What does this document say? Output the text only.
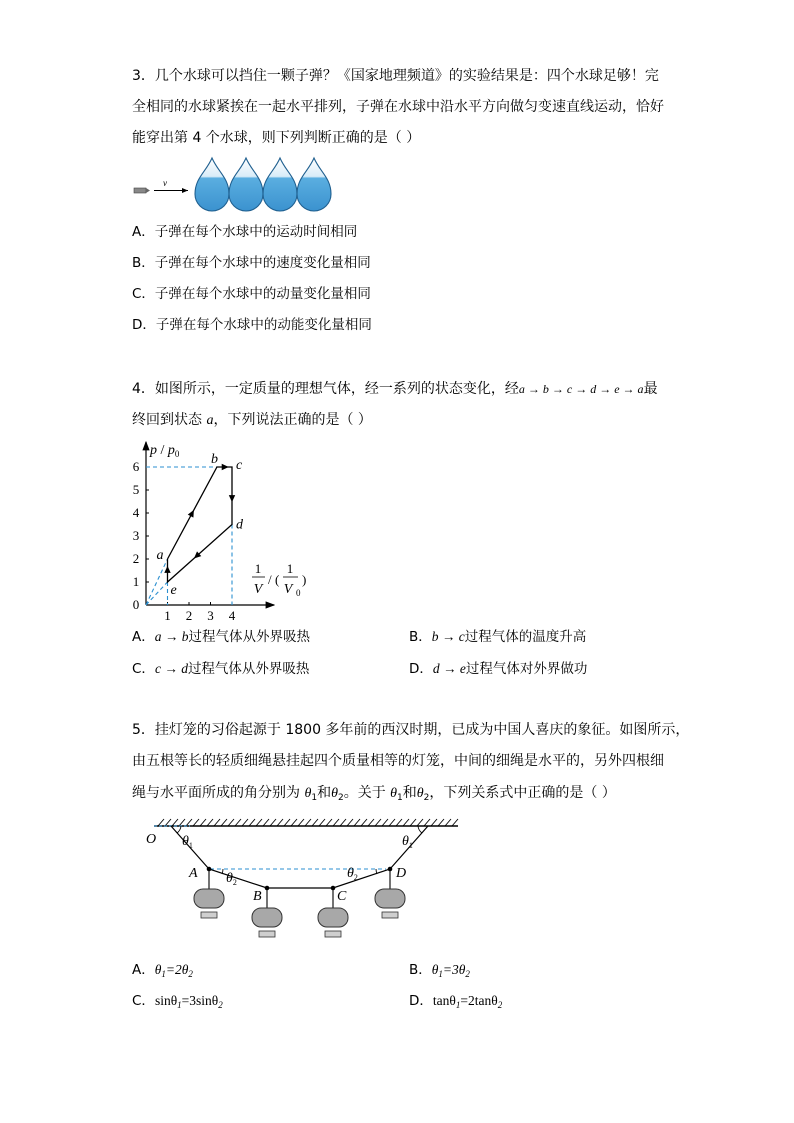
3．几个水球可以挡住一颗子弹？《国家地理频道》的实验结果是：四个水球足够！完
全相同的水球紧挨在一起水平排列，子弹在水球中沿水平方向做匀变速直线运动，恰好
能穿出第 4 个水球，则下列判断正确的是（ ）
v
A．子弹在每个水球中的运动时间相同
B．子弹在每个水球中的速度变化量相同
C．子弹在每个水球中的动量变化量相同
D．子弹在每个水球中的动能变化量相同
4．如图所示，一定质量的理想气体，经一系列的状态变化，经a → b → c → d → e → a最
终回到状态 a，下列说法正确的是（ ）
1
2
3
4
5
6
1 2 3 4
0
a
b c
d
e
p / $p_0$
1
V
/ (
1
V 0
)
A．a → b过程气体从外界吸热	B．b → c过程气体的温度升高
C．c → d过程气体从外界吸热	D．d → e过程气体对外界做功
5．挂灯笼的习俗起源于 1800 多年前的西汉时期，已成为中国人喜庆的象征。如图所示，
由五根等长的轻质细绳悬挂起四个质量相等的灯笼，中间的细绳是水平的，另外四根细
绳与水平面所成的角分别为 $\theta_1$和$\theta_2$。关于 $\theta_1$和$\theta_2$，下列关系式中正确的是（ ）
O
A
B	C
D
$\theta_1$	$\theta_1$
$\theta_2$
$\theta_2$
A．$\theta_1=2\theta_2$	B．$\theta_1=3\theta_2$
C．sinθ$_1$=3sinθ$_2$	D．tanθ$_1$=2tanθ$_2$
